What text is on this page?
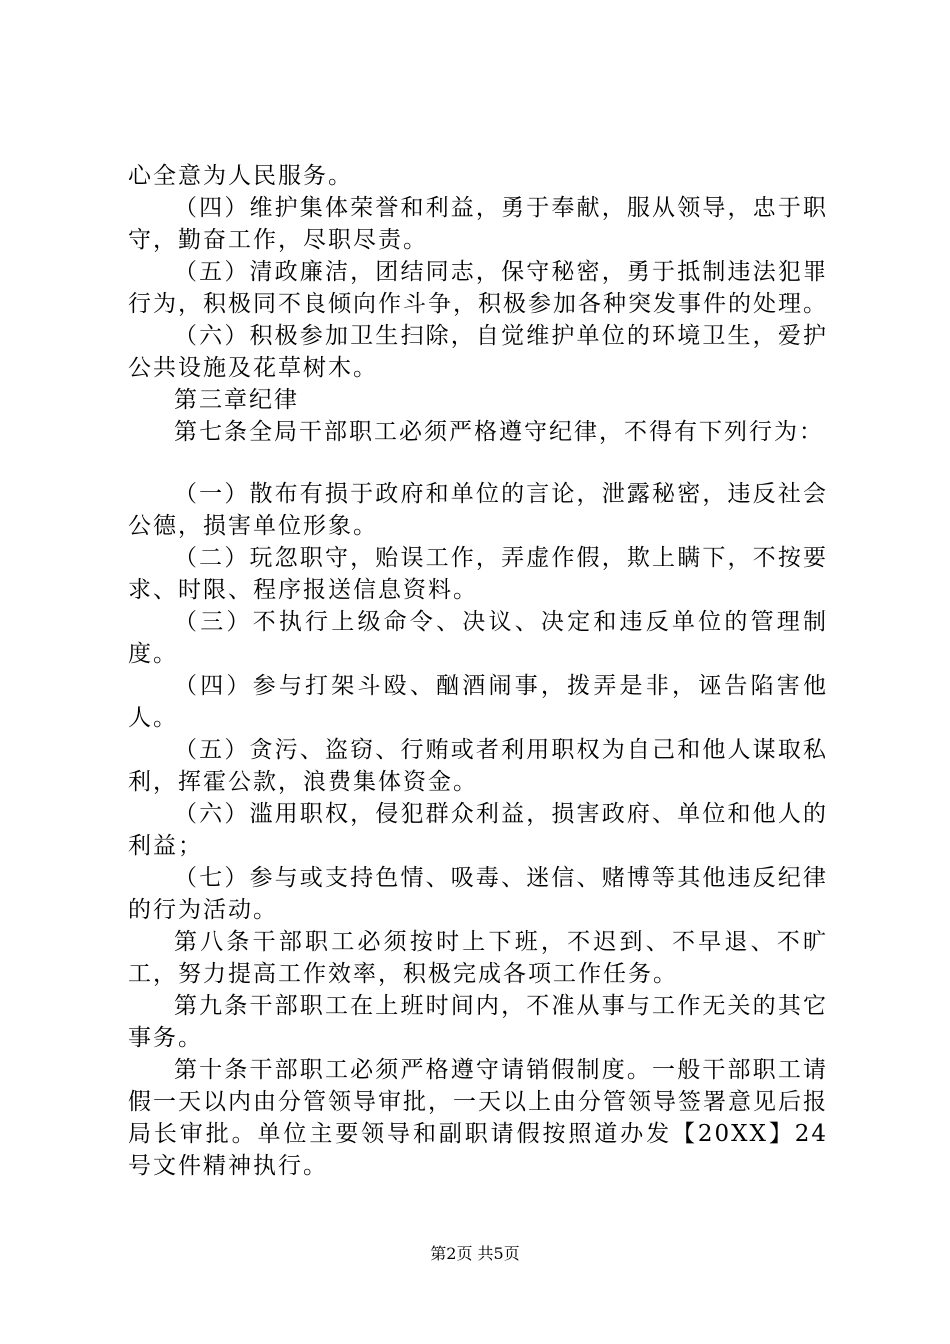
心全意为人民服务。

（四）维护集体荣誉和利益，勇于奉献，服从领导，忠于职守，勤奋工作，尽职尽责。

（五）清政廉洁，团结同志，保守秘密，勇于抵制违法犯罪行为，积极同不良倾向作斗争，积极参加各种突发事件的处理。

（六）积极参加卫生扫除，自觉维护单位的环境卫生，爱护公共设施及花草树木。

第三章纪律

第七条全局干部职工必须严格遵守纪律，不得有下列行为：

（一）散布有损于政府和单位的言论，泄露秘密，违反社会公德，损害单位形象。

（二）玩忽职守，贻误工作，弄虚作假，欺上瞒下，不按要求、时限、程序报送信息资料。

（三）不执行上级命令、决议、决定和违反单位的管理制度。

（四）参与打架斗殴、酗酒闹事，拨弄是非，诬告陷害他人。

（五）贪污、盗窃、行贿或者利用职权为自己和他人谋取私利，挥霍公款，浪费集体资金。

（六）滥用职权，侵犯群众利益，损害政府、单位和他人的利益；

（七）参与或支持色情、吸毒、迷信、赌博等其他违反纪律的行为活动。

第八条干部职工必须按时上下班，不迟到、不早退、不旷工，努力提高工作效率，积极完成各项工作任务。

第九条干部职工在上班时间内，不准从事与工作无关的其它事务。

第十条干部职工必须严格遵守请销假制度。一般干部职工请假一天以内由分管领导审批，一天以上由分管领导签署意见后报局长审批。单位主要领导和副职请假按照道办发【20XX】24号文件精神执行。

第2页 共5页
